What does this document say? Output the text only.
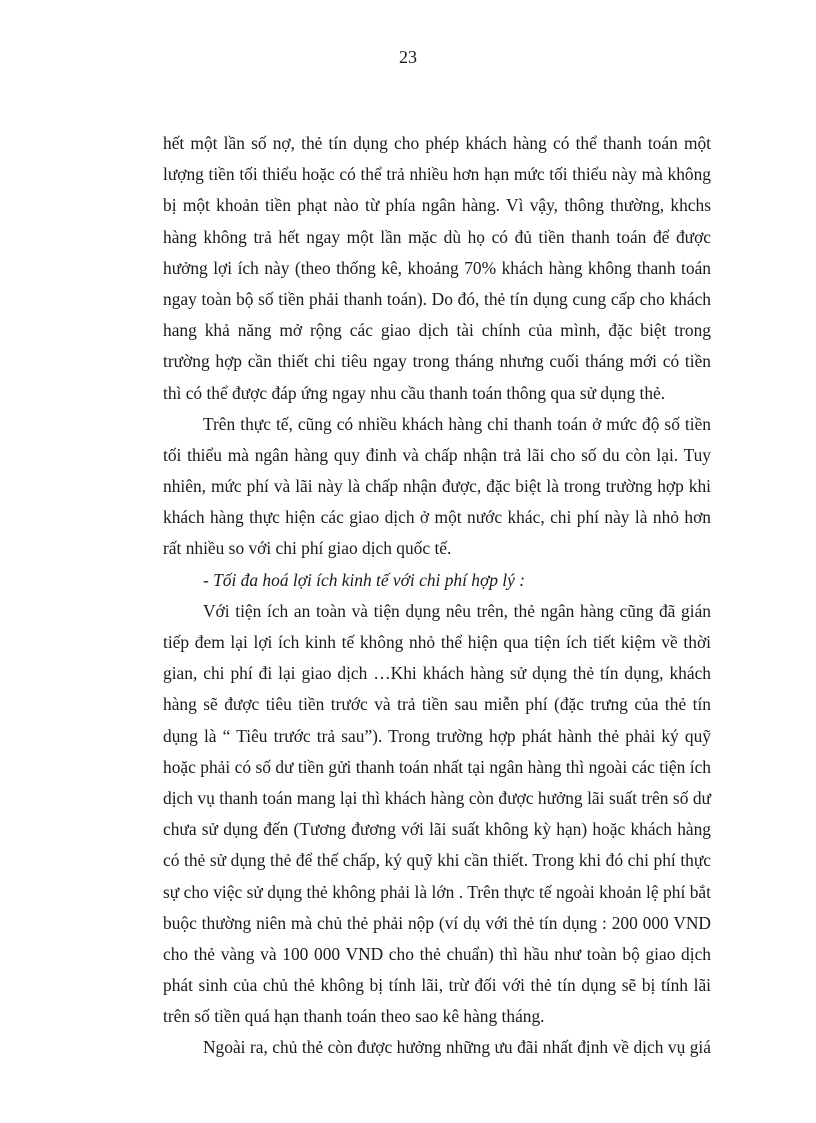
23
hết một lần số nợ, thẻ tín dụng cho phép khách hàng có thể thanh toán một
lượng tiền tối thiểu hoặc có thể trả nhiều hơn hạn mức tối thiểu này mà không
bị một khoản tiền phạt nào từ phía ngân hàng. Vì vậy, thông thường, khchs
hàng không trả hết ngay một lần mặc dù họ có đủ tiền thanh toán để được
hưởng lợi ích này (theo thống kê, khoảng 70% khách hàng không thanh toán
ngay toàn bộ số tiền phải thanh toán). Do đó, thẻ tín dụng cung cấp cho khách
hang khả năng mở rộng các giao dịch tài chính của mình, đặc biệt trong
trường hợp cần thiết chi tiêu ngay trong tháng nhưng cuối tháng mới có tiền
thì có thể được đáp ứng ngay nhu cầu thanh toán thông qua sử dụng thẻ.
Trên thực tế, cũng có nhiều khách hàng chỉ thanh toán ở mức độ số tiền
tối thiểu mà ngân hàng quy đinh và chấp nhận trả lãi cho số du còn lại. Tuy
nhiên, mức phí và lãi này là chấp nhận được, đặc biệt là trong trường hợp khi
khách hàng thực hiện các giao dịch ở một nước khác, chi phí này là nhỏ hơn
rất nhiều so với chi phí giao dịch quốc tế.
- Tối đa hoá lợi ích kinh tế với chi phí hợp lý :
Với tiện ích an toàn và tiện dụng nêu trên, thẻ ngân hàng cũng đã gián
tiếp đem lại lợi ích kinh tế không nhỏ thể hiện qua tiện ích tiết kiệm về thời
gian, chi phí đi lại giao dịch …Khi khách hàng sử dụng thẻ tín dụng, khách
hàng sẽ được tiêu tiền trước và trả tiền sau miễn phí (đặc trưng của thẻ tín
dụng là “ Tiêu trước trả sau”). Trong trường hợp phát hành thẻ phải ký quỹ
hoặc phải có số dư tiền gửi thanh toán nhất tại ngân hàng thì ngoài các tiện ích
dịch vụ thanh toán mang lại thì khách hàng còn được hưởng lãi suất trên số dư
chưa sử dụng đến (Tương đương với lãi suất không kỳ hạn) hoặc khách hàng
có thẻ sử dụng thẻ để thế chấp, ký quỹ khi cần thiết. Trong khi đó chi phí thực
sự cho việc sử dụng thẻ không phải là lớn . Trên thực tế ngoài khoản lệ phí bắt
buộc thường niên mà chủ thẻ phải nộp (ví dụ với thẻ tín dụng : 200 000 VND
cho thẻ vàng và 100 000 VND cho thẻ chuẩn) thì hầu như toàn bộ giao dịch
phát sinh của chủ thẻ không bị tính lãi, trừ đối với thẻ tín dụng sẽ bị tính lãi
trên số tiền quá hạn thanh toán theo sao kê hàng tháng.
Ngoài ra, chủ thẻ còn được hưởng những ưu đãi nhất định về dịch vụ giá
